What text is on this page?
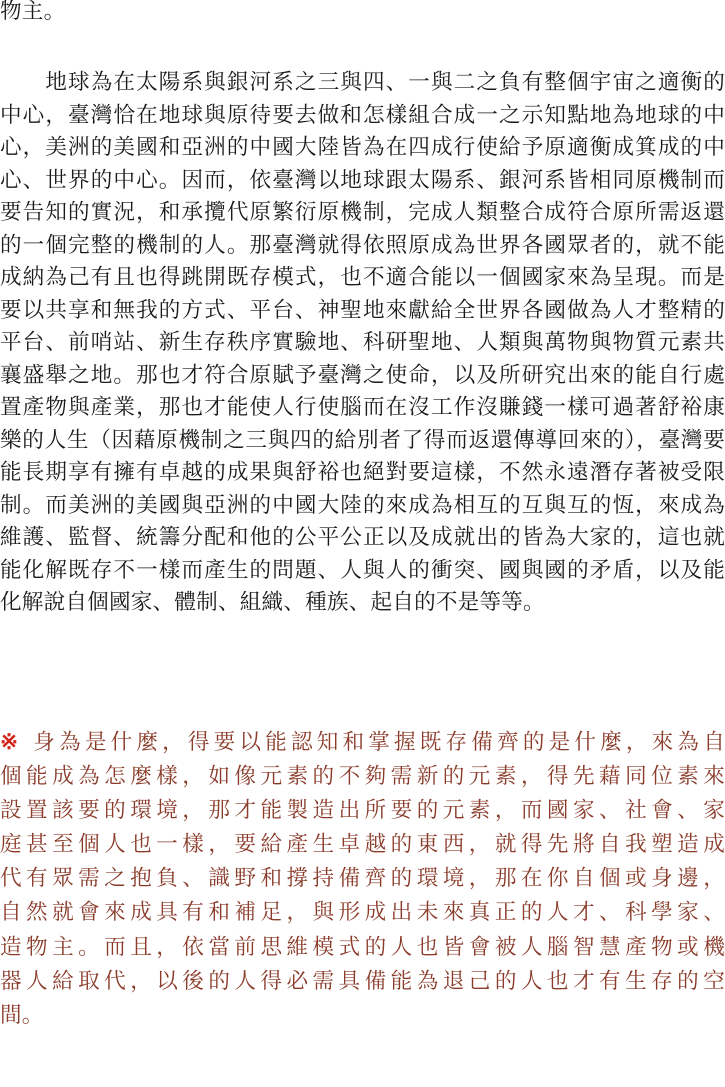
物主。
　　地球為在太陽系與銀河系之三與四、一與二之負有整個宇宙之適衡的
中心，臺灣恰在地球與原待要去做和怎樣組合成一之示知點地為地球的中
心，美洲的美國和亞洲的中國大陸皆為在四成行使給予原適衡成箕成的中
心、世界的中心。因而，依臺灣以地球跟太陽系、銀河系皆相同原機制而
要告知的實況，和承攬代原繁衍原機制，完成人類整合成符合原所需返還
的一個完整的機制的人。那臺灣就得依照原成為世界各國眾者的，就不能
成納為己有且也得跳開既存模式，也不適合能以一個國家來為呈現。而是
要以共享和無我的方式、平台、神聖地來獻給全世界各國做為人才整精的
平台、前哨站、新生存秩序實驗地、科研聖地、人類與萬物與物質元素共
襄盛舉之地。那也才符合原賦予臺灣之使命，以及所研究出來的能自行處
置產物與產業，那也才能使人行使腦而在沒工作沒賺錢一樣可過著舒裕康
樂的人生（因藉原機制之三與四的給別者了得而返還傳導回來的），臺灣要
能長期享有擁有卓越的成果與舒裕也絕對要這樣，不然永遠潛存著被受限
制。而美洲的美國與亞洲的中國大陸的來成為相互的互與互的恆，來成為
維護、監督、統籌分配和他的公平公正以及成就出的皆為大家的，這也就
能化解既存不一樣而產生的問題、人與人的衝突、國與國的矛盾，以及能
化解說自個國家、體制、組織、種族、起自的不是等等。
※ 身為是什麼，得要以能認知和掌握既存備齊的是什麼，來為自
個能成為怎麼樣，如像元素的不夠需新的元素，得先藉同位素來
設置該要的環境，那才能製造出所要的元素，而國家、社會、家
庭甚至個人也一樣，要給產生卓越的東西，就得先將自我塑造成
代有眾需之抱負、識野和撐持備齊的環境，那在你自個或身邊，
自然就會來成具有和補足，與形成出未來真正的人才、科學家、
造物主。而且，依當前思維模式的人也皆會被人腦智慧產物或機
器人給取代，以後的人得必需具備能為退己的人也才有生存的空
間。
